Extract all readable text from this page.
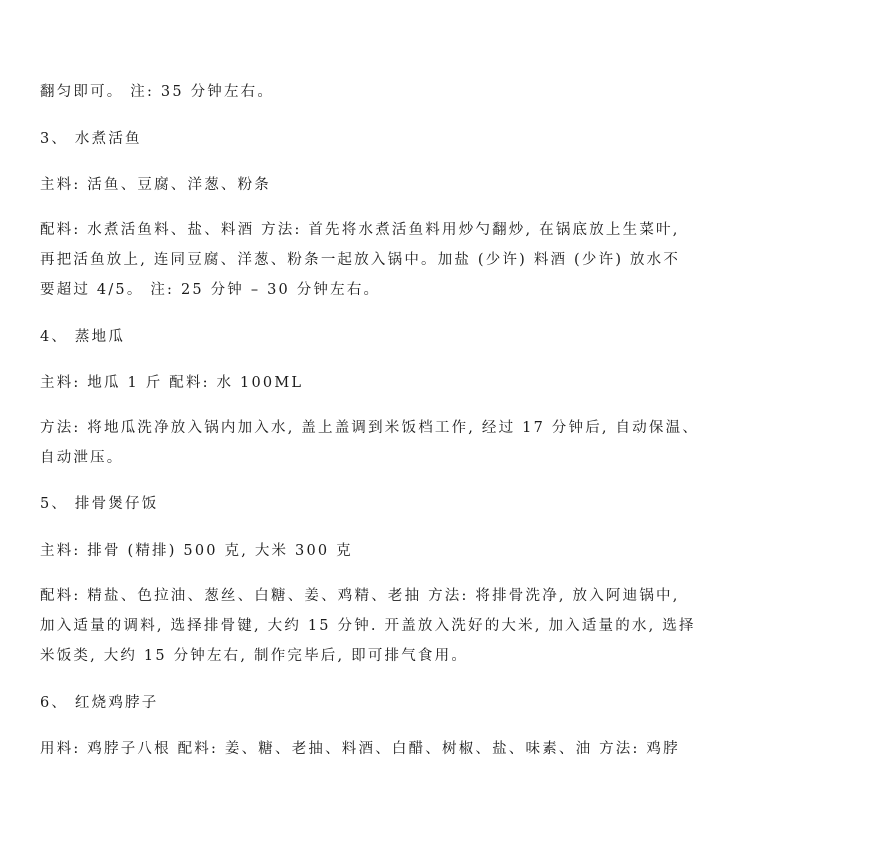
翻匀即可。 注: 35 分钟左右。
3、 水煮活鱼
主料: 活鱼、豆腐、洋葱、粉条
配料: 水煮活鱼料、盐、料酒 方法: 首先将水煮活鱼料用炒勺翻炒, 在锅底放上生菜叶,
再把活鱼放上, 连同豆腐、洋葱、粉条一起放入锅中。加盐 (少许) 料酒 (少许) 放水不
要超过 4/5。 注: 25 分钟 – 30 分钟左右。
4、 蒸地瓜
主料: 地瓜 1 斤 配料: 水 100ML
方法: 将地瓜洗净放入锅内加入水, 盖上盖调到米饭档工作, 经过 17 分钟后, 自动保温、
自动泄压。
5、 排骨煲仔饭
主料: 排骨 (精排) 500 克, 大米 300 克
配料: 精盐、色拉油、葱丝、白糖、姜、鸡精、老抽 方法: 将排骨洗净, 放入阿迪锅中,
加入适量的调料, 选择排骨键, 大约 15 分钟. 开盖放入洗好的大米, 加入适量的水, 选择
米饭类, 大约 15 分钟左右, 制作完毕后, 即可排气食用。
6、 红烧鸡脖子
用料: 鸡脖子八根 配料: 姜、糖、老抽、料酒、白醋、树椒、盐、味素、油 方法: 鸡脖
